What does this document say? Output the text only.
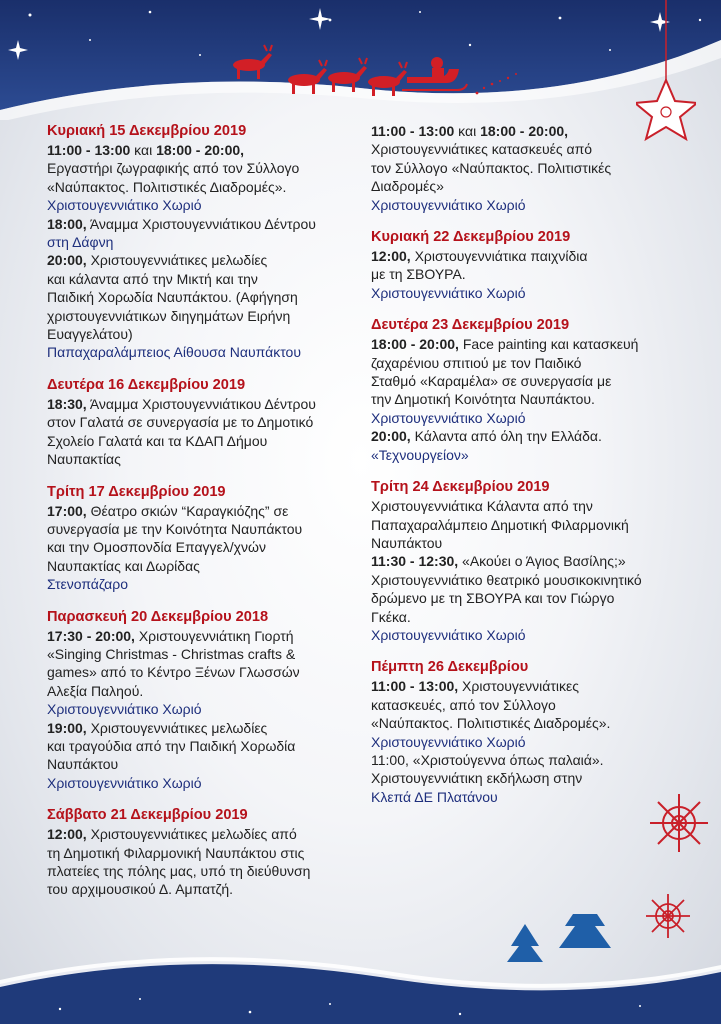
Κυριακή 15 Δεκεμβρίου 2019
11:00 - 13:00 και 18:00 - 20:00,
Εργαστήρι ζωγραφικής από τον Σύλλογο
«Ναύπακτος. Πολιτιστικές Διαδρομές».
Χριστουγεννιάτικο Χωριό
18:00, Άναμμα Χριστουγεννιάτικου Δέντρου
στη Δάφνη
20:00, Χριστουγεννιάτικες μελωδίες
και κάλαντα από την Μικτή και την
Παιδική Χορωδία Ναυπάκτου. (Αφήγηση
χριστουγεννιάτικων διηγημάτων Ειρήνη
Ευαγγελάτου)
Παπαχαραλάμπειος Αίθουσα Ναυπάκτου
Δευτέρα 16 Δεκεμβρίου 2019
18:30, Άναμμα Χριστουγεννιάτικου Δέντρου
στον Γαλατά σε συνεργασία με το Δημοτικό
Σχολείο Γαλατά και τα ΚΔΑΠ Δήμου
Ναυπακτίας
Τρίτη 17 Δεκεμβρίου 2019
17:00, Θέατρο σκιών “Καραγκιόζης” σε
συνεργασία με την Κοινότητα Ναυπάκτου
και την Ομοσπονδία Επαγγελ/χνών
Ναυπακτίας και Δωρίδας
Στενοπάζαρο
Παρασκευή 20 Δεκεμβρίου 2018
17:30 - 20:00, Χριστουγεννιάτικη Γιορτή
«Singing Christmas - Christmas crafts &
games» από το Κέντρο Ξένων Γλωσσών
Αλεξία Παληού.
Χριστουγεννιάτικο Χωριό
19:00, Χριστουγεννιάτικες μελωδίες
και τραγούδια από την Παιδική Χορωδία
Ναυπάκτου
Χριστουγεννιάτικο Χωριό
Σάββατο 21 Δεκεμβρίου 2019
12:00, Χριστουγεννιάτικες μελωδίες από
τη Δημοτική Φιλαρμονική Ναυπάκτου στις
πλατείες της πόλης μας, υπό τη διεύθυνση
του αρχιμουσικού Δ. Αμπατζή.
11:00 - 13:00 και 18:00 - 20:00,
Χριστουγεννιάτικες κατασκευές από
τον Σύλλογο «Ναύπακτος. Πολιτιστικές
Διαδρομές»
Χριστουγεννιάτικο Χωριό
Κυριακή 22 Δεκεμβρίου 2019
12:00, Χριστουγεννιάτικα παιχνίδια
με τη ΣΒΟΥΡΑ.
Χριστουγεννιάτικο Χωριό
Δευτέρα 23 Δεκεμβρίου 2019
18:00 - 20:00, Face painting και κατασκευή
ζαχαρένιου σπιτιού με τον Παιδικό
Σταθμό «Καραμέλα» σε συνεργασία με
την Δημοτική Κοινότητα Ναυπάκτου.
Χριστουγεννιάτικο Χωριό
20:00, Κάλαντα από όλη την Ελλάδα.
«Τεχνουργείον»
Τρίτη 24 Δεκεμβρίου 2019
Χριστουγεννιάτικα Κάλαντα από την
Παπαχαραλάμπειο Δημοτική Φιλαρμονική
Ναυπάκτου
11:30 - 12:30, «Ακούει ο Άγιος Βασίλης;»
Χριστουγεννιάτικο θεατρικό μουσικοκινητικό
δρώμενο με τη ΣΒΟΥΡΑ και τον Γιώργο
Γκέκα.
Χριστουγεννιάτικο Χωριό
Πέμπτη 26 Δεκεμβρίου
11:00 - 13:00, Χριστουγεννιάτικες
κατασκευές, από τον Σύλλογο
«Ναύπακτος. Πολιτιστικές Διαδρομές».
Χριστουγεννιάτικο Χωριό
11:00, «Χριστούγεννα όπως παλαιά».
Χριστουγεννιάτικη εκδήλωση στην
Κλεπά ΔΕ Πλατάνου
